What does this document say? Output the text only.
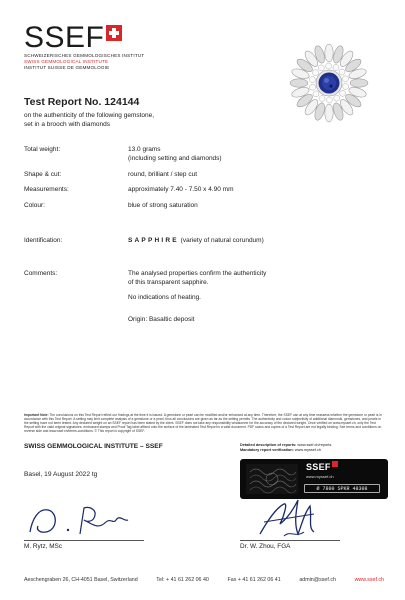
SSEF
SCHWEIZERISCHES GEMMOLOGISCHES INSTITUT
SWISS GEMMOLOGICAL INSTITUTE
INSTITUT SUISSE DE GEMMOLOGIE
Test Report No. 124144
on the authenticity of the following gemstone,
set in a brooch with diamonds
Total weight:	13.0 grams
(including setting and diamonds)
Shape & cut:	round, brilliant / step cut
Measurements:	approximately 7.40 - 7.50 x 4.90 mm
Colour:	blue of strong saturation
Identification:	SAPPHIRE (variety of natural corundum)
Comments:	The analysed properties confirm the authenticity
of this transparent sapphire.
No indications of heating.
Origin: Basaltic deposit
Important Note: The conclusions on this Test Report reflect our findings at the time it is issued. A gemstone or pearl can be modified and/or enhanced at any time. Therefore, the SSEF can at any time reassess whether the gemstone or pearl is in accordance with this Test Report. A setting may limit complete analysis of a gemstone or a pearl, thus all conclusions are given as far as the setting permits. The authenticity and colour subjectivity of additional diamonds, gemstones, and pearls in the setting have not been tested. Any declared weight on an SSEF report has been stated by the client. SSEF does not take any responsibility whatsoever for the accuracy of the declared weight. Once verified on www.myssef.ch, only the Test Report with the valid original signatures, embossed stamps and Proof Tag label affixed onto the surface of the laminated Test Report is a valid document. PDF scans and copies of a Test Report are not legally binding. See terms and conditions on reverse side and www.ssef.ch/terms-conditions. © This report is copyright of SSEF.
SWISS GEMMOLOGICAL INSTITUTE – SSEF	Detailed description of reports: www.ssef.ch/reports
Mandatory report verification: www.myssef.ch
Basel, 19 August 2022 tg
SSEF
www.myssef.ch
Ø 7800 SPKR 48308
M. Rytz, MSc	Dr. W. Zhou, FGA
Aeschengraben 26, CH-4051 Basel, Switzerland	Tel: + 41 61 262 06 40	Fax + 41 61 262 06 41	admin@ssef.ch	www.ssef.ch
